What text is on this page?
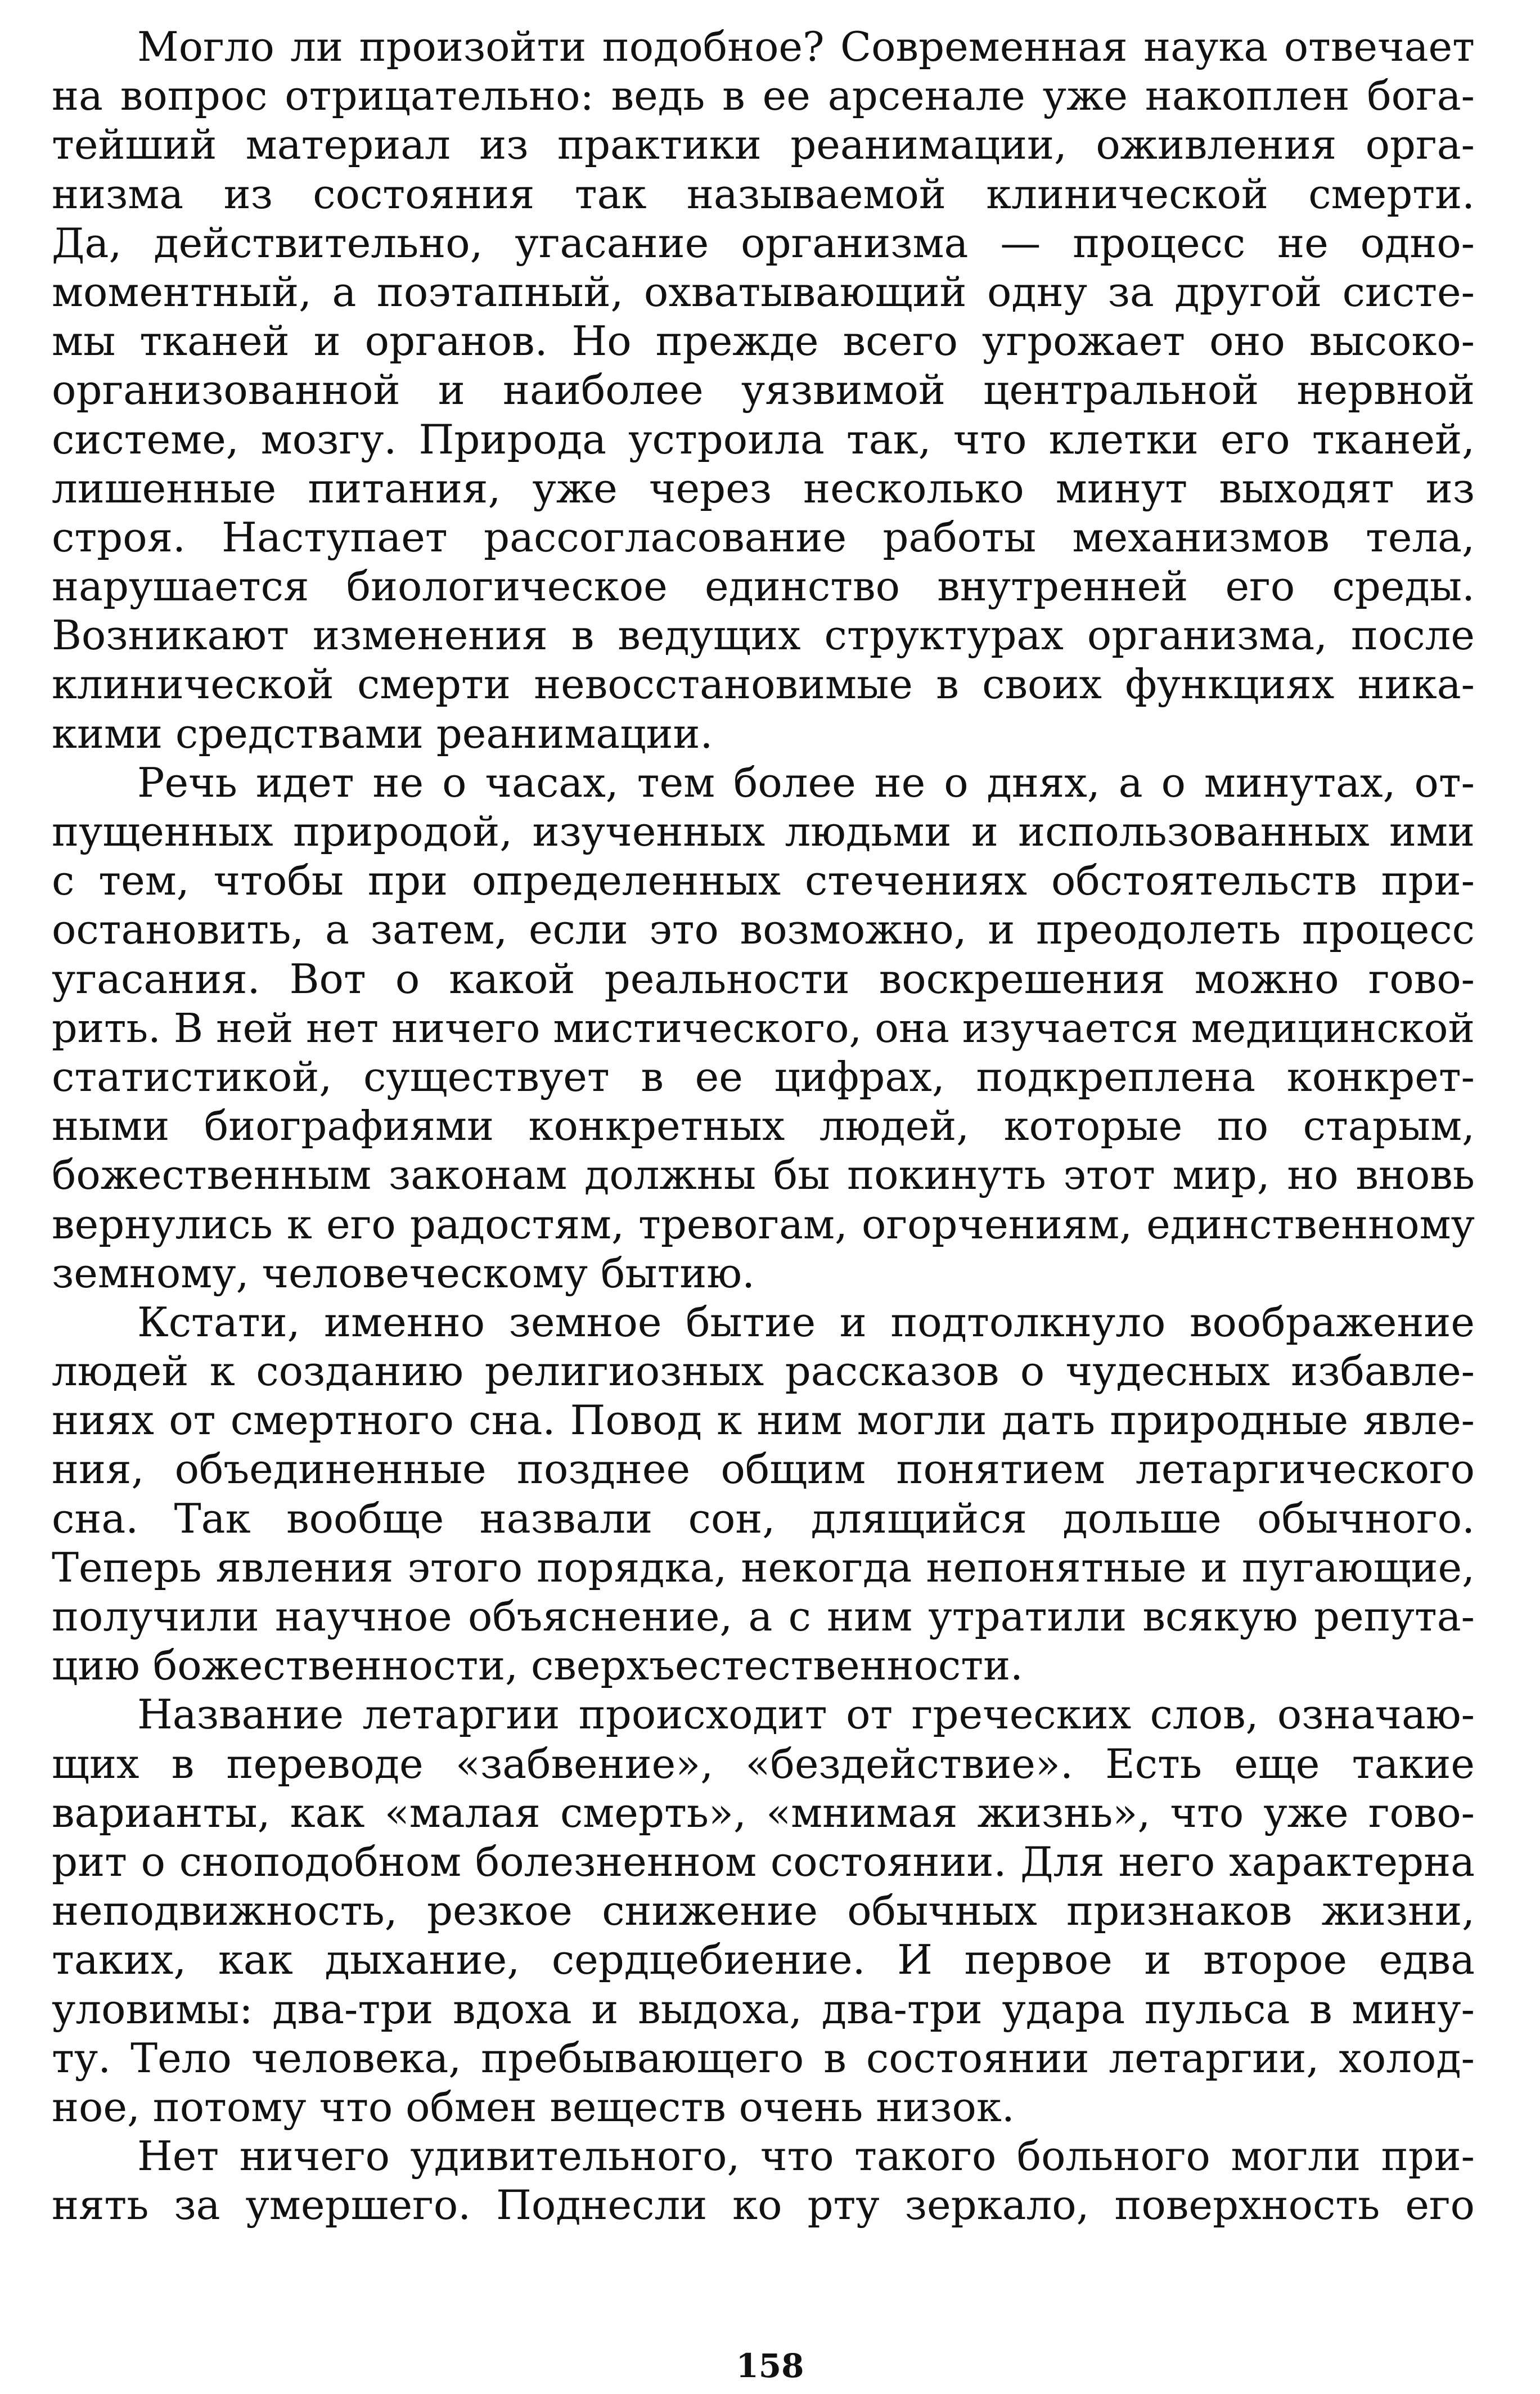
Могло ли произойти подобное? Современная наука отвечает
на вопрос отрицательно: ведь в ее арсенале уже накоплен бога-
тейший материал из практики реанимации, оживления орга-
низма из состояния так называемой клинической смерти.
Да, действительно, угасание организма — процесс не одно-
моментный, а поэтапный, охватывающий одну за другой систе-
мы тканей и органов. Но прежде всего угрожает оно высоко-
организованной и наиболее уязвимой центральной нервной
системе, мозгу. Природа устроила так, что клетки его тканей,
лишенные питания, уже через несколько минут выходят из
строя. Наступает рассогласование работы механизмов тела,
нарушается биологическое единство внутренней его среды.
Возникают изменения в ведущих структурах организма, после
клинической смерти невосстановимые в своих функциях ника-
кими средствами реанимации.
Речь идет не о часах, тем более не о днях, а о минутах, от-
пущенных природой, изученных людьми и использованных ими
с тем, чтобы при определенных стечениях обстоятельств при-
остановить, а затем, если это возможно, и преодолеть процесс
угасания. Вот о какой реальности воскрешения можно гово-
рить. В ней нет ничего мистического, она изучается медицинской
статистикой, существует в ее цифрах, подкреплена конкрет-
ными биографиями конкретных людей, которые по старым,
божественным законам должны бы покинуть этот мир, но вновь
вернулись к его радостям, тревогам, огорчениям, единственному
земному, человеческому бытию.
Кстати, именно земное бытие и подтолкнуло воображение
людей к созданию религиозных рассказов о чудесных избавле-
ниях от смертного сна. Повод к ним могли дать природные явле-
ния, объединенные позднее общим понятием летаргического
сна. Так вообще назвали сон, длящийся дольше обычного.
Теперь явления этого порядка, некогда непонятные и пугающие,
получили научное объяснение, а с ним утратили всякую репута-
цию божественности, сверхъестественности.
Название летаргии происходит от греческих слов, означаю-
щих в переводе «забвение», «бездействие». Есть еще такие
варианты, как «малая смерть», «мнимая жизнь», что уже гово-
рит о снoподобном болезненном состоянии. Для него характерна
неподвижность, резкое снижение обычных признаков жизни,
таких, как дыхание, сердцебиение. И первое и второе едва
уловимы: два-три вдоха и выдоха, два-три удара пульса в мину-
ту. Тело человека, пребывающего в состоянии летаргии, холод-
ное, потому что обмен веществ очень низок.
Нет ничего удивительного, что такого больного могли при-
нять за умершего. Поднесли ко рту зеркало, поверхность его
158
